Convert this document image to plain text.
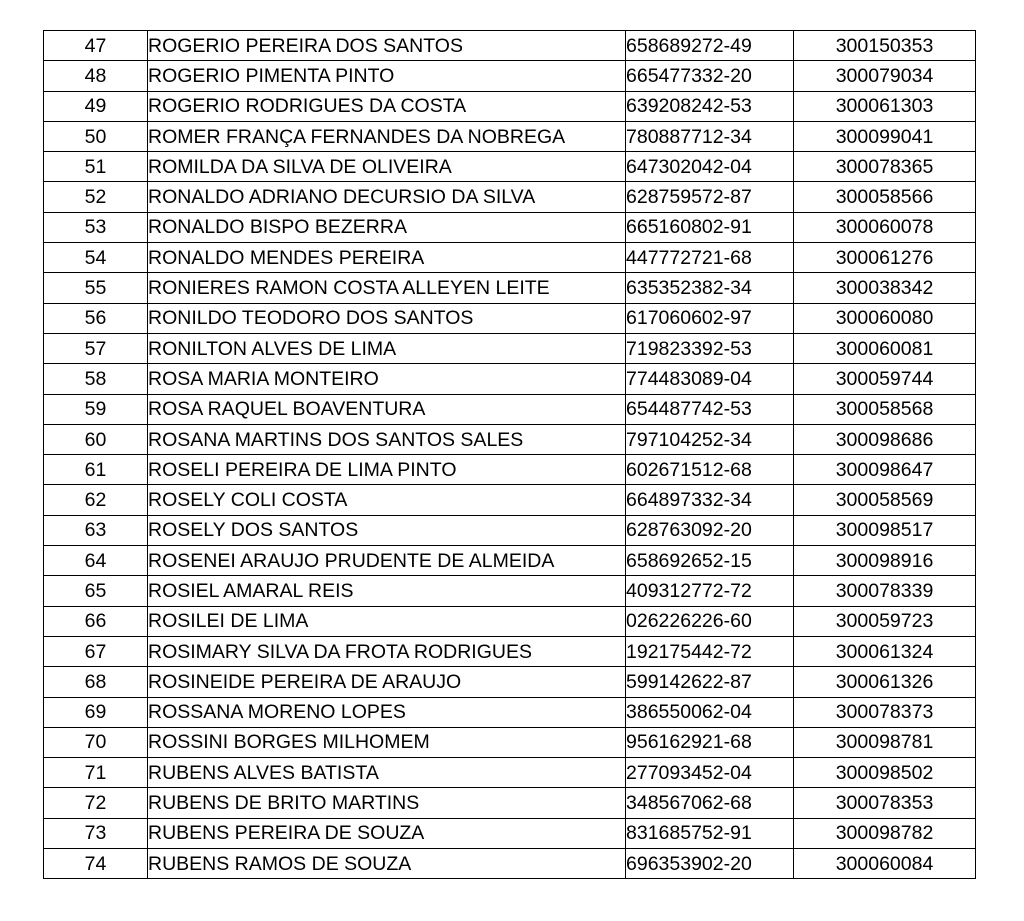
47	ROGERIO PEREIRA DOS SANTOS	658689272-49	300150353
48	ROGERIO PIMENTA PINTO	665477332-20	300079034
49	ROGERIO RODRIGUES DA COSTA	639208242-53	300061303
50	ROMER FRANÇA FERNANDES DA NOBREGA	780887712-34	300099041
51	ROMILDA DA SILVA DE OLIVEIRA	647302042-04	300078365
52	RONALDO ADRIANO DECURSIO DA SILVA	628759572-87	300058566
53	RONALDO BISPO BEZERRA	665160802-91	300060078
54	RONALDO MENDES PEREIRA	447772721-68	300061276
55	RONIERES RAMON COSTA ALLEYEN LEITE	635352382-34	300038342
56	RONILDO TEODORO DOS SANTOS	617060602-97	300060080
57	RONILTON ALVES DE LIMA	719823392-53	300060081
58	ROSA MARIA MONTEIRO	774483089-04	300059744
59	ROSA RAQUEL BOAVENTURA	654487742-53	300058568
60	ROSANA MARTINS DOS SANTOS SALES	797104252-34	300098686
61	ROSELI PEREIRA DE LIMA PINTO	602671512-68	300098647
62	ROSELY COLI COSTA	664897332-34	300058569
63	ROSELY DOS SANTOS	628763092-20	300098517
64	ROSENEI ARAUJO PRUDENTE DE ALMEIDA	658692652-15	300098916
65	ROSIEL AMARAL REIS	409312772-72	300078339
66	ROSILEI DE LIMA	026226226-60	300059723
67	ROSIMARY SILVA DA FROTA RODRIGUES	192175442-72	300061324
68	ROSINEIDE PEREIRA DE ARAUJO	599142622-87	300061326
69	ROSSANA MORENO LOPES	386550062-04	300078373
70	ROSSINI BORGES MILHOMEM	956162921-68	300098781
71	RUBENS ALVES BATISTA	277093452-04	300098502
72	RUBENS DE BRITO MARTINS	348567062-68	300078353
73	RUBENS PEREIRA DE SOUZA	831685752-91	300098782
74	RUBENS RAMOS DE SOUZA	696353902-20	300060084
